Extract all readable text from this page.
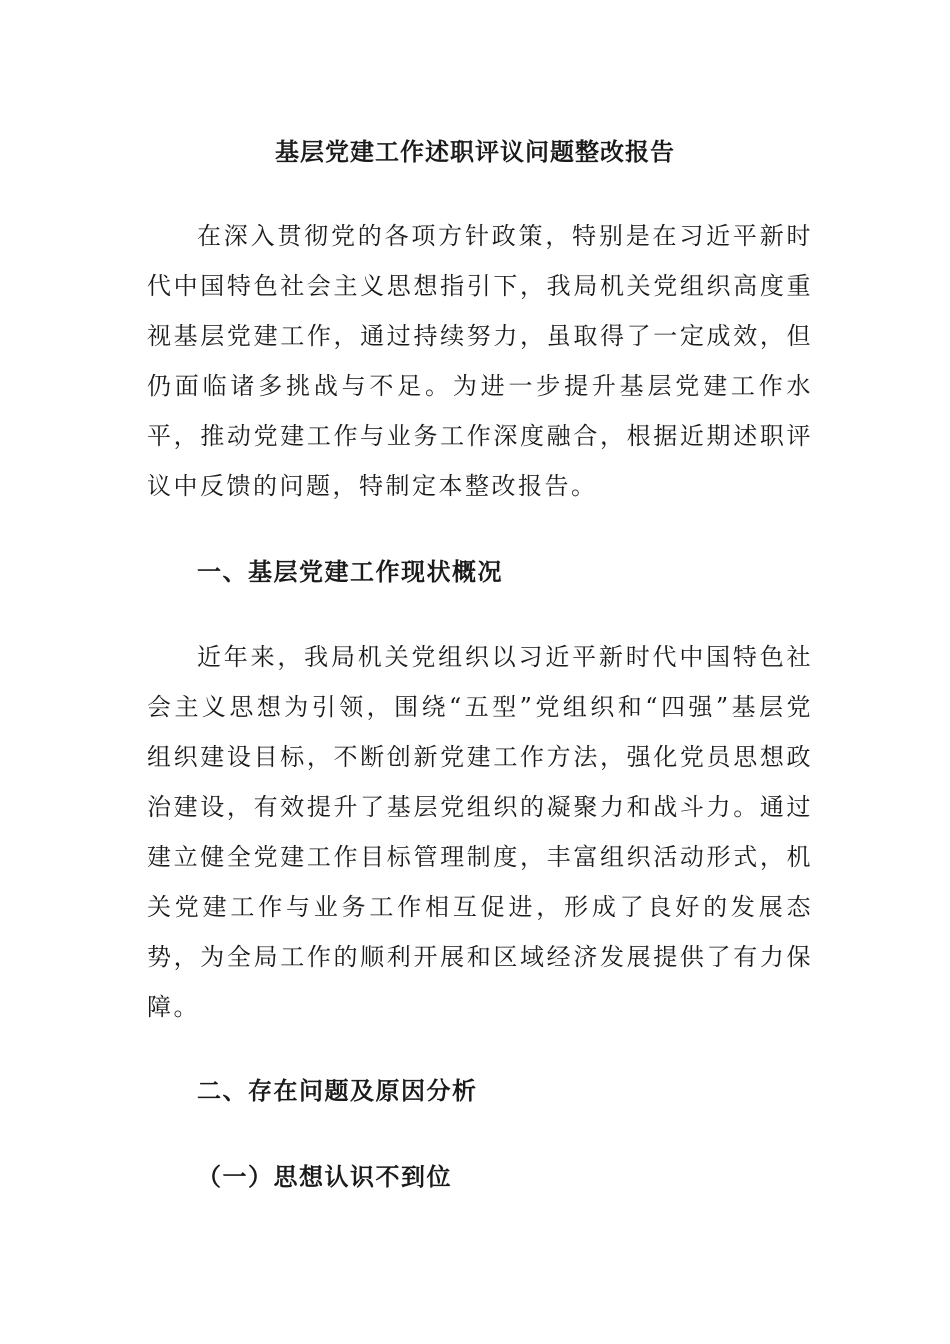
基层党建工作述职评议问题整改报告

在深入贯彻党的各项方针政策，特别是在习近平新时代中国特色社会主义思想指引下，我局机关党组织高度重视基层党建工作，通过持续努力，虽取得了一定成效，但仍面临诸多挑战与不足。为进一步提升基层党建工作水平，推动党建工作与业务工作深度融合，根据近期述职评议中反馈的问题，特制定本整改报告。

一、基层党建工作现状概况

近年来，我局机关党组织以习近平新时代中国特色社会主义思想为引领，围绕“五型”党组织和“四强”基层党组织建设目标，不断创新党建工作方法，强化党员思想政治建设，有效提升了基层党组织的凝聚力和战斗力。通过建立健全党建工作目标管理制度，丰富组织活动形式，机关党建工作与业务工作相互促进，形成了良好的发展态势，为全局工作的顺利开展和区域经济发展提供了有力保障。

二、存在问题及原因分析
（一）思想认识不到位
